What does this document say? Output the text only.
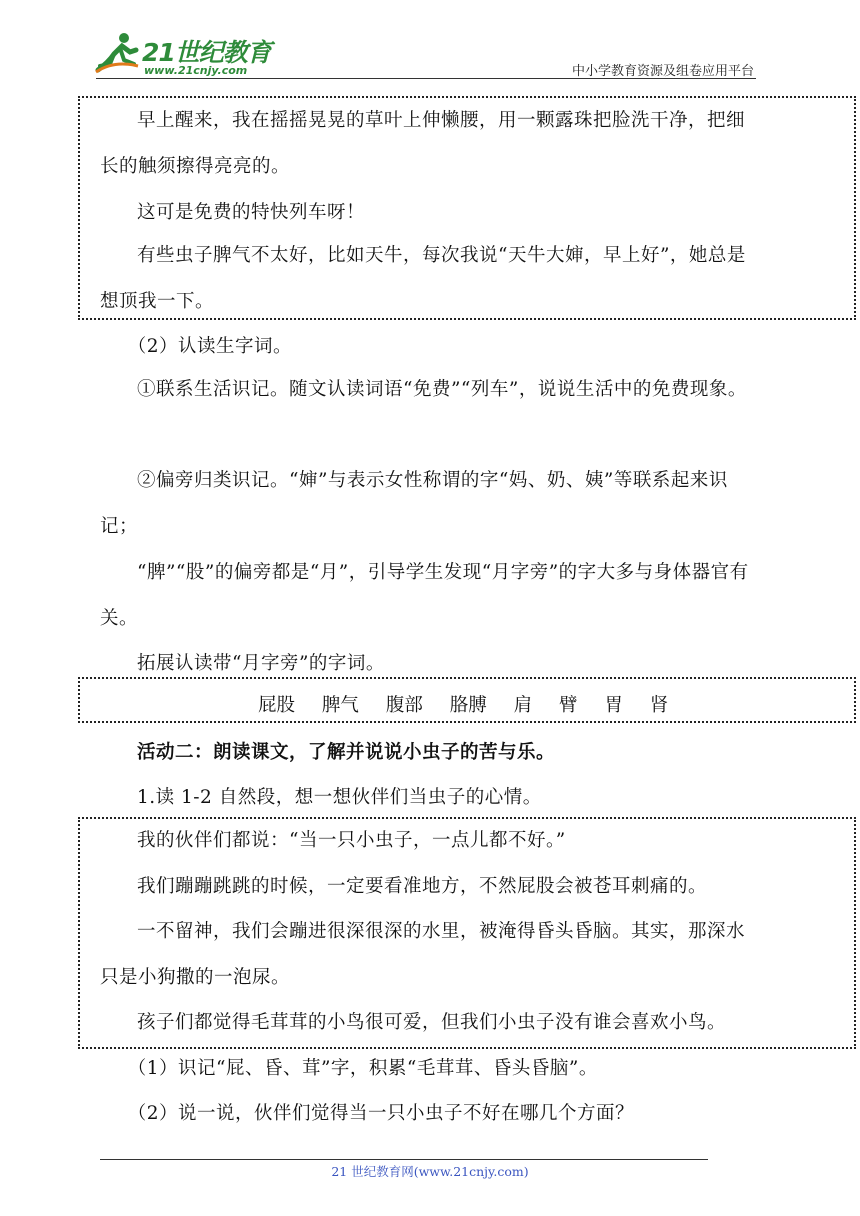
21世纪教育
www.21cnjy.com	中小学教育资源及组卷应用平台

早上醒来，我在摇摇晃晃的草叶上伸懒腰，用一颗露珠把脸洗干净，把细长的触须擦得亮亮的。

这可是免费的特快列车呀！

有些虫子脾气不太好，比如天牛，每次我说“天牛大婶，早上好”，她总是想顶我一下。

（2）认读生字词。

①联系生活识记。随文认读词语“免费”“列车”，说说生活中的免费现象。

②偏旁归类识记。“婶”与表示女性称谓的字“妈、奶、姨”等联系起来识记；

“脾”“股”的偏旁都是“月”，引导学生发现“月字旁”的字大多与身体器官有关。

拓展认读带“月字旁”的字词。

屁股 脾气 腹部 胳膊 肩 臂 胃 肾

活动二：朗读课文，了解并说说小虫子的苦与乐。

1.读 1-2 自然段，想一想伙伴们当虫子的心情。

我的伙伴们都说：“当一只小虫子，一点儿都不好。”

我们蹦蹦跳跳的时候，一定要看准地方，不然屁股会被苍耳刺痛的。

一不留神，我们会蹦进很深很深的水里，被淹得昏头昏脑。其实，那深水只是小狗撒的一泡尿。

孩子们都觉得毛茸茸的小鸟很可爱，但我们小虫子没有谁会喜欢小鸟。

（1）识记“屁、昏、茸”字，积累“毛茸茸、昏头昏脑”。

（2）说一说，伙伴们觉得当一只小虫子不好在哪几个方面？

21 世纪教育网(www.21cnjy.com)
